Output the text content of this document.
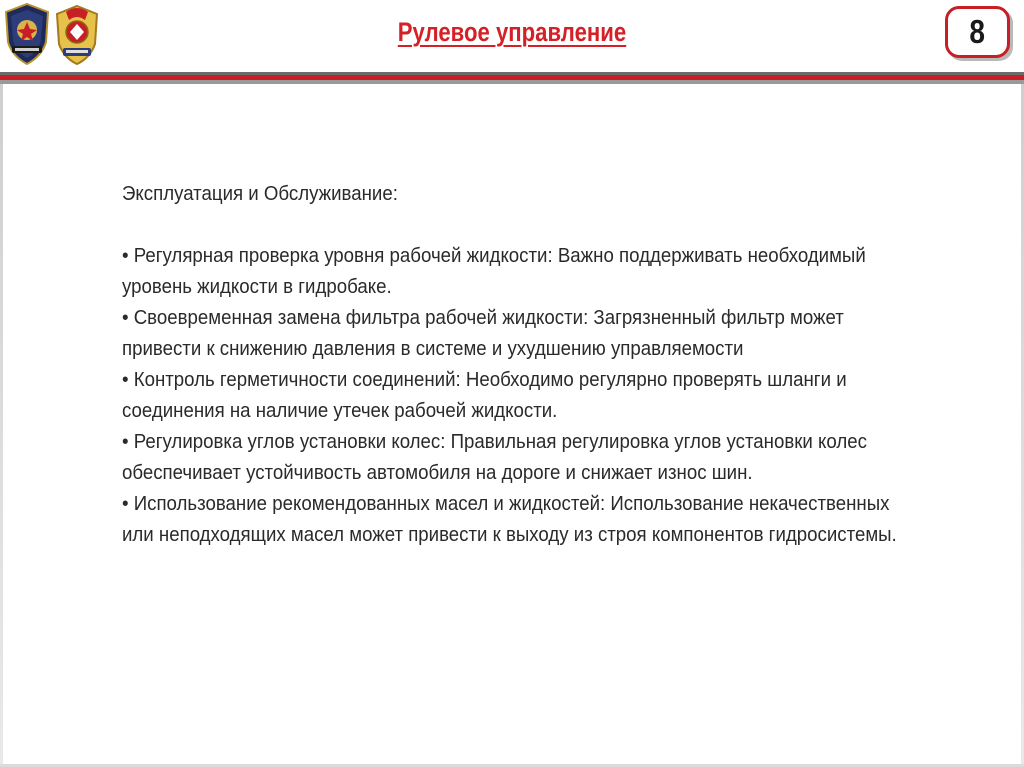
Рулевое управление	8

Эксплуатация и Обслуживание:

• Регулярная проверка уровня рабочей жидкости: Важно поддерживать необходимый уровень жидкости в гидробаке.

• Своевременная замена фильтра рабочей жидкости: Загрязненный фильтр может привести к снижению давления в системе и ухудшению управляемости

• Контроль герметичности соединений: Необходимо регулярно проверять шланги и соединения на наличие утечек рабочей жидкости.

• Регулировка углов установки колес: Правильная регулировка углов установки колес обеспечивает устойчивость автомобиля на дороге и снижает износ шин.

• Использование рекомендованных масел и жидкостей: Использование некачественных или неподходящих масел может привести к выходу из строя компонентов гидросистемы.
